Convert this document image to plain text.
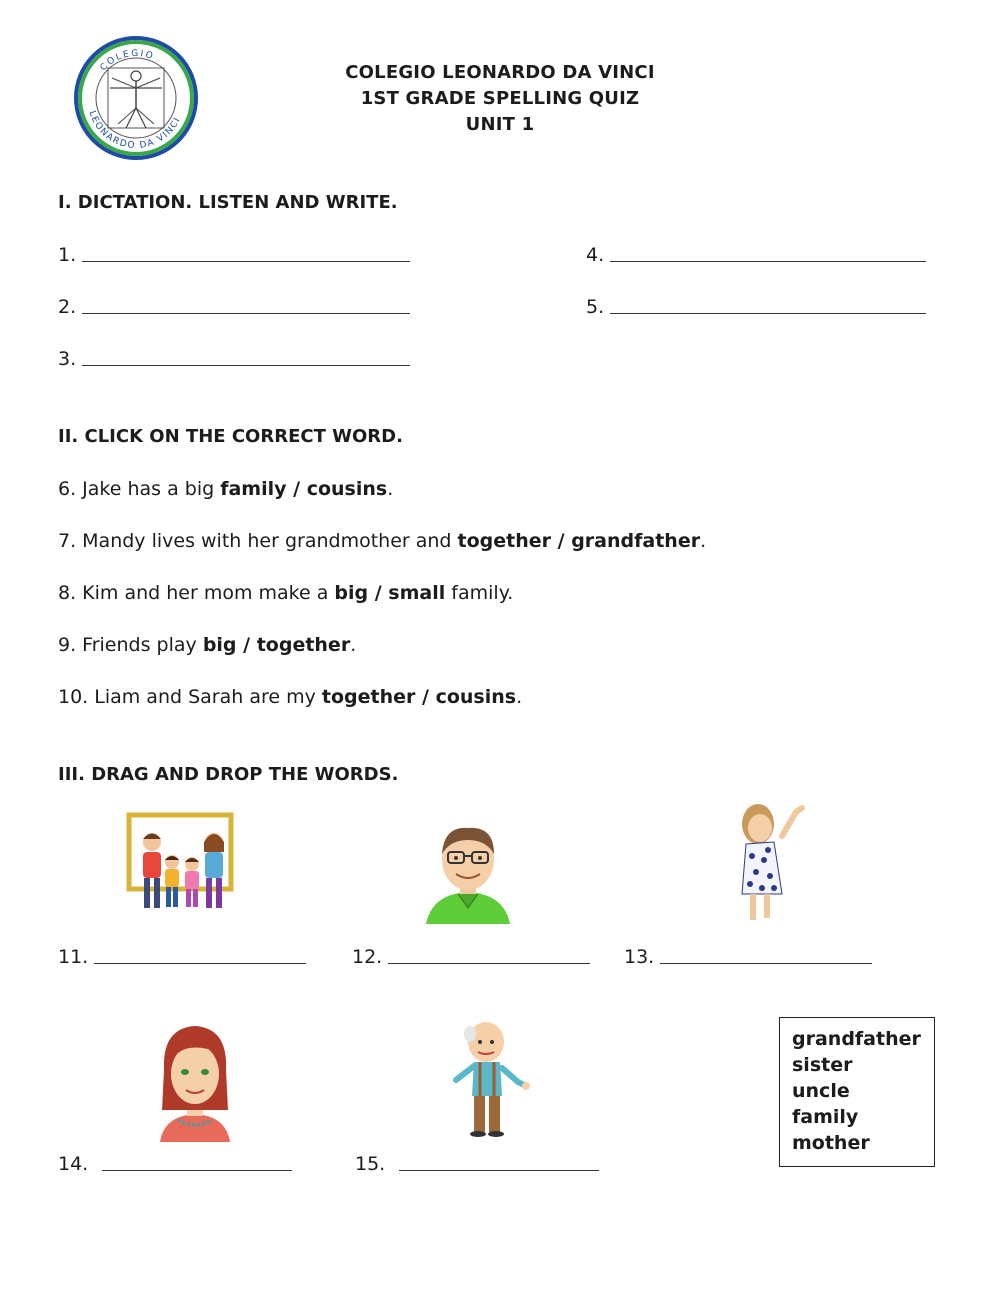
COLEGIO
LEONARDO DA VINCI
COLEGIO LEONARDO DA VINCI
1ST GRADE SPELLING QUIZ
UNIT 1
I. DICTATION. LISTEN AND WRITE.
1.
2.
3.
4.
5.
II. CLICK ON THE CORRECT WORD.
6. Jake has a big family / cousins.
7. Mandy lives with her grandmother and together / grandfather.
8. Kim and her mom make a big / small family.
9. Friends play big / together.
10. Liam and Sarah are my together / cousins.
III. DRAG AND DROP THE WORDS.
11.	12.	13.
14.	15.
grandfather
sister
uncle
family
mother
